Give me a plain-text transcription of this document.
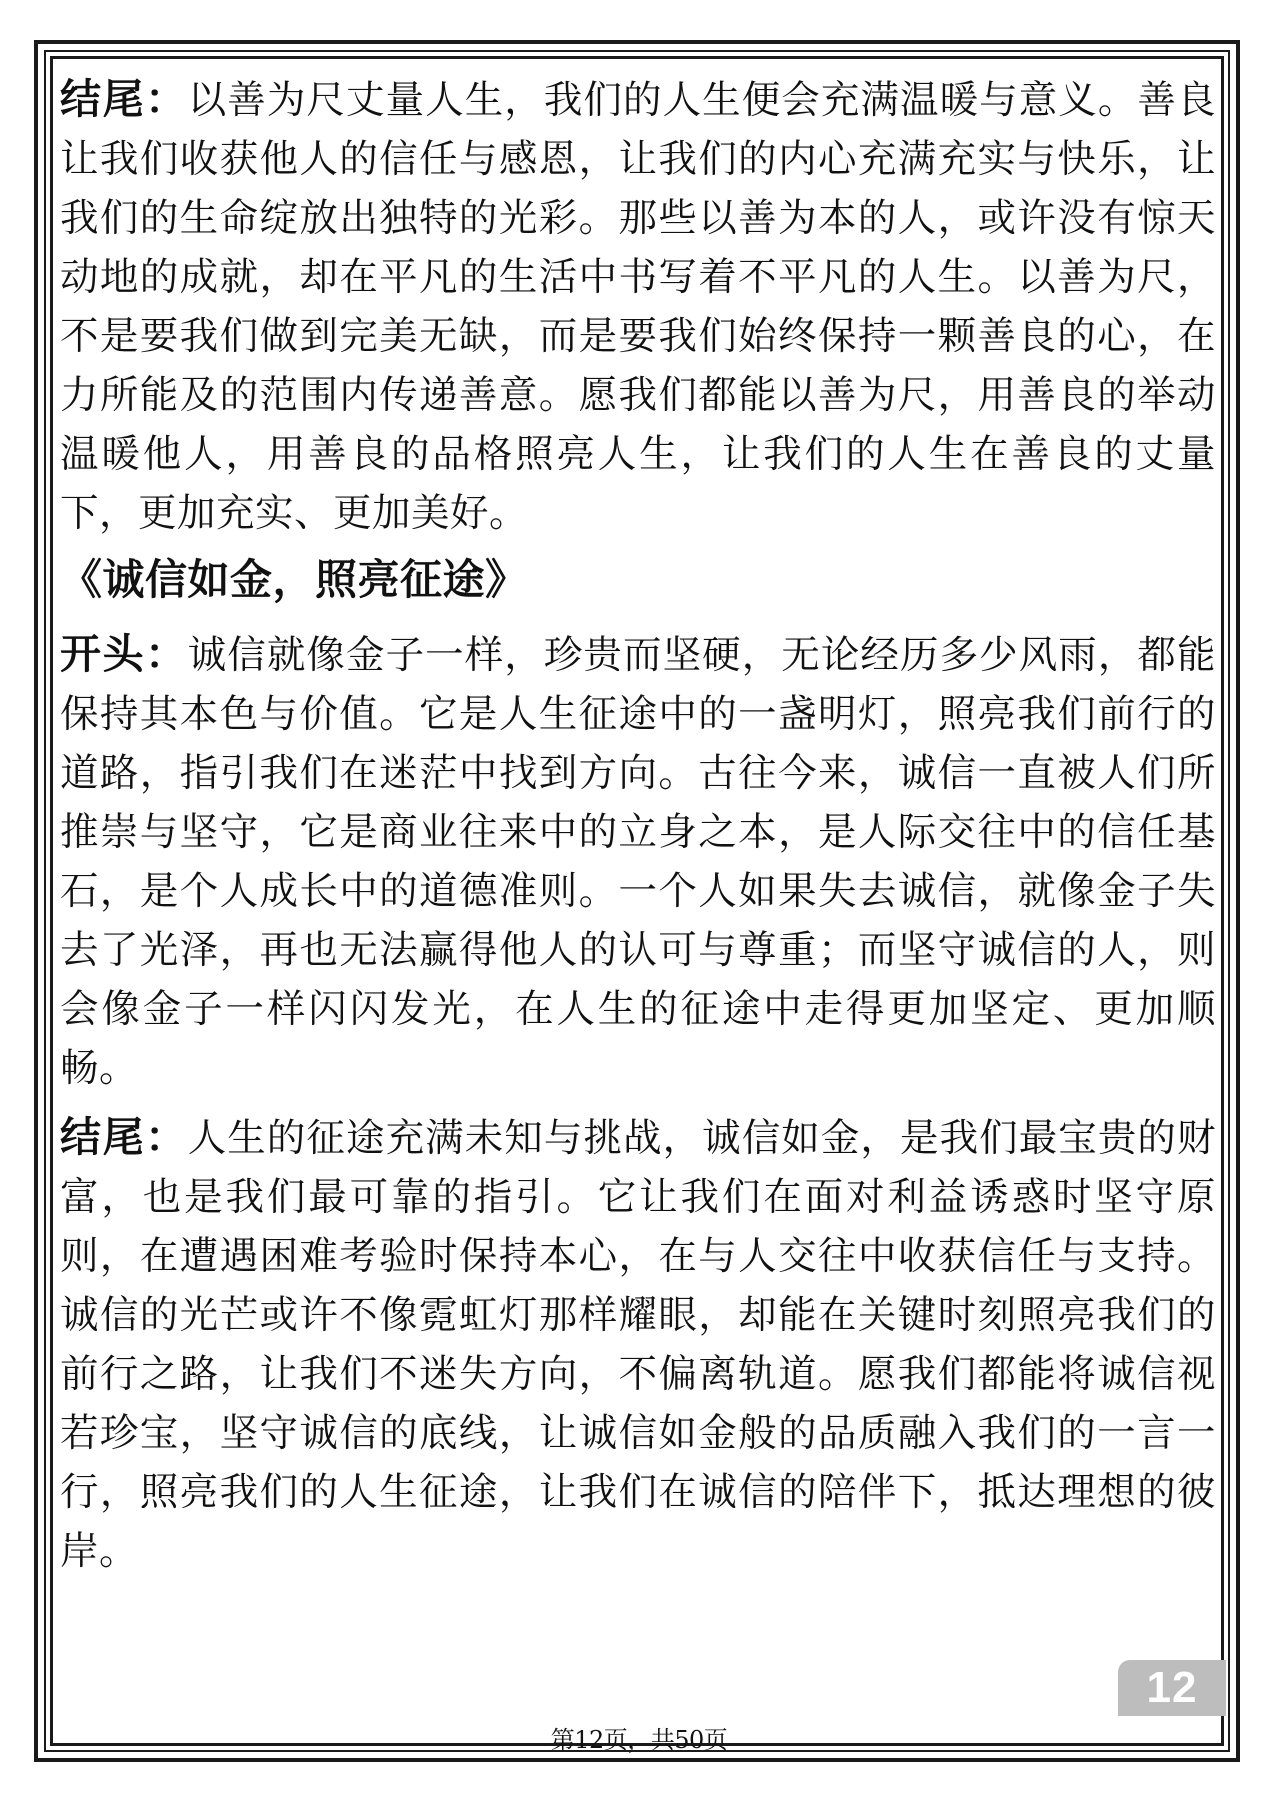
结尾：以善为尺丈量人生，我们的人生便会充满温暖与意义。善良让我们收获他人的信任与感恩，让我们的内心充满充实与快乐，让我们的生命绽放出独特的光彩。那些以善为本的人，或许没有惊天动地的成就，却在平凡的生活中书写着不平凡的人生。以善为尺，不是要我们做到完美无缺，而是要我们始终保持一颗善良的心，在力所能及的范围内传递善意。愿我们都能以善为尺，用善良的举动温暖他人，用善良的品格照亮人生，让我们的人生在善良的丈量下，更加充实、更加美好。

《诚信如金，照亮征途》

开头：诚信就像金子一样，珍贵而坚硬，无论经历多少风雨，都能保持其本色与价值。它是人生征途中的一盏明灯，照亮我们前行的道路，指引我们在迷茫中找到方向。古往今来，诚信一直被人们所推崇与坚守，它是商业往来中的立身之本，是人际交往中的信任基石，是个人成长中的道德准则。一个人如果失去诚信，就像金子失去了光泽，再也无法赢得他人的认可与尊重；而坚守诚信的人，则会像金子一样闪闪发光，在人生的征途中走得更加坚定、更加顺畅。

结尾：人生的征途充满未知与挑战，诚信如金，是我们最宝贵的财富，也是我们最可靠的指引。它让我们在面对利益诱惑时坚守原则，在遭遇困难考验时保持本心，在与人交往中收获信任与支持。诚信的光芒或许不像霓虹灯那样耀眼，却能在关键时刻照亮我们的前行之路，让我们不迷失方向，不偏离轨道。愿我们都能将诚信视若珍宝，坚守诚信的底线，让诚信如金般的品质融入我们的一言一行，照亮我们的人生征途，让我们在诚信的陪伴下，抵达理想的彼岸。

12
第12页，共50页
